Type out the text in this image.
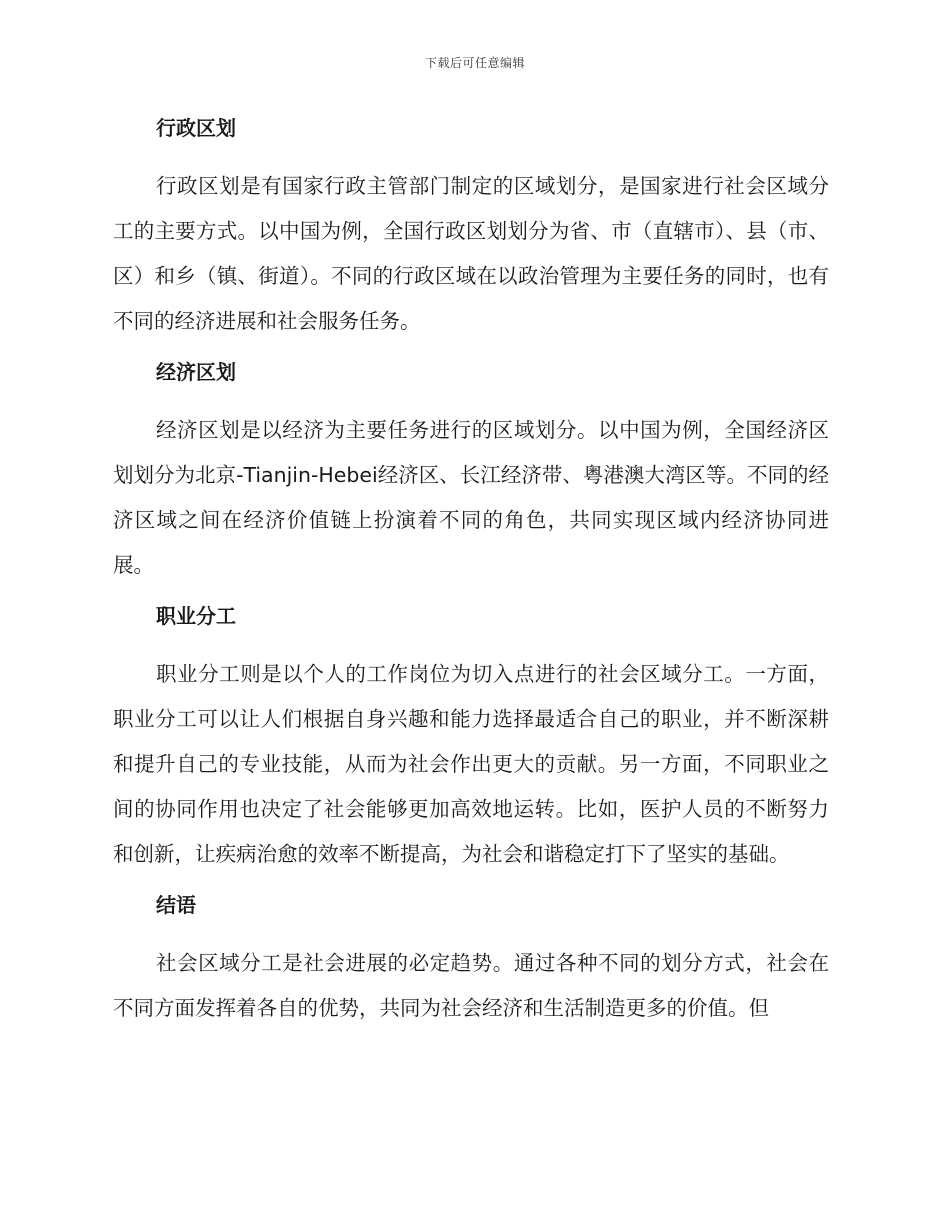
下载后可任意编辑
行政区划

行政区划是有国家行政主管部门制定的区域划分，是国家进行社会区域分工的主要方式。以中国为例，全国行政区划划分为省、市（直辖市）、县（市、区）和乡（镇、街道）。不同的行政区域在以政治管理为主要任务的同时，也有不同的经济进展和社会服务任务。

经济区划

经济区划是以经济为主要任务进行的区域划分。以中国为例，全国经济区划划分为北京-Tianjin-Hebei经济区、长江经济带、粤港澳大湾区等。不同的经济区域之间在经济价值链上扮演着不同的角色，共同实现区域内经济协同进展。

职业分工

职业分工则是以个人的工作岗位为切入点进行的社会区域分工。一方面，职业分工可以让人们根据自身兴趣和能力选择最适合自己的职业，并不断深耕和提升自己的专业技能，从而为社会作出更大的贡献。另一方面，不同职业之间的协同作用也决定了社会能够更加高效地运转。比如，医护人员的不断努力和创新，让疾病治愈的效率不断提高，为社会和谐稳定打下了坚实的基础。

结语

社会区域分工是社会进展的必定趋势。通过各种不同的划分方式，社会在不同方面发挥着各自的优势，共同为社会经济和生活制造更多的价值。但
